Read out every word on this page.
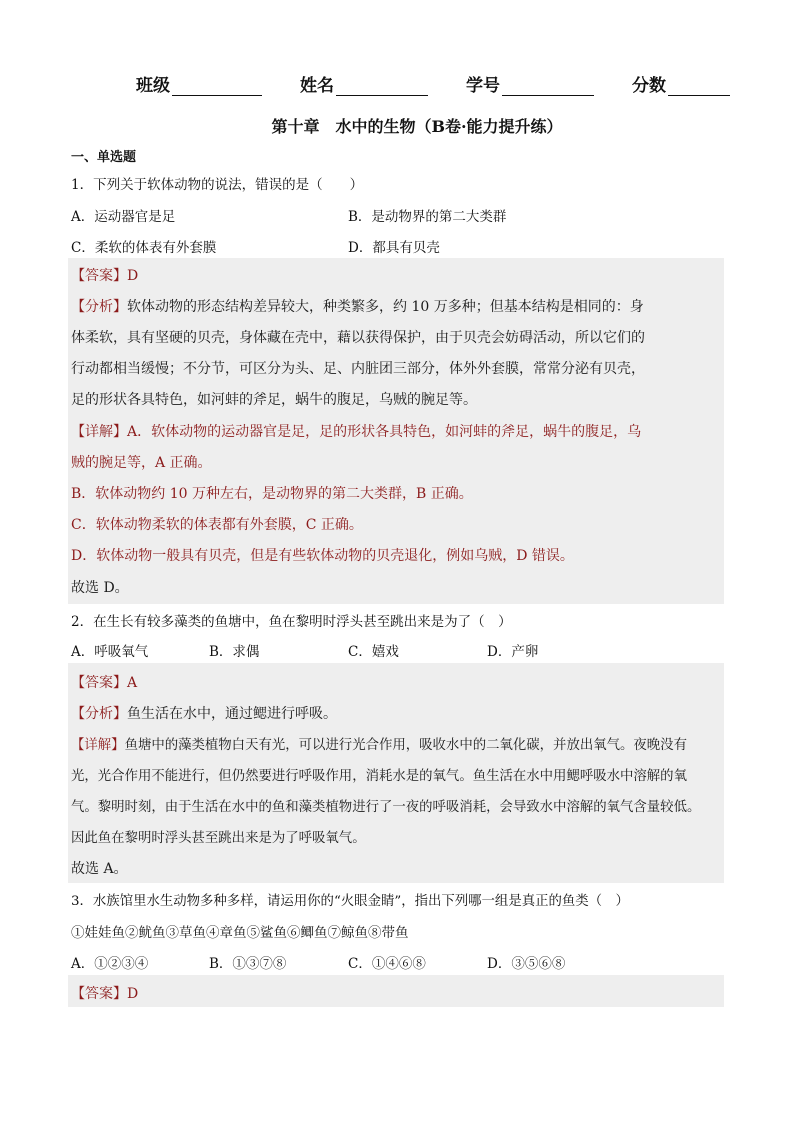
班级	姓名	学号	分数
第十章　水中的生物（B卷·能力提升练）
一、单选题
1．下列关于软体动物的说法，错误的是（　　）
A．运动器官是足	B．是动物界的第二大类群
C．柔软的体表有外套膜	D．都具有贝壳
【答案】D
【分析】软体动物的形态结构差异较大，种类繁多，约 10 万多种；但基本结构是相同的：身
体柔软，具有坚硬的贝壳，身体藏在壳中，藉以获得保护，由于贝壳会妨碍活动，所以它们的
行动都相当缓慢；不分节，可区分为头、足、内脏团三部分，体外外套膜，常常分泌有贝壳，
足的形状各具特色，如河蚌的斧足，蜗牛的腹足，乌贼的腕足等。
【详解】A．软体动物的运动器官是足，足的形状各具特色，如河蚌的斧足，蜗牛的腹足，乌
贼的腕足等，A 正确。
B．软体动物约 10 万种左右，是动物界的第二大类群，B 正确。
C．软体动物柔软的体表都有外套膜，C 正确。
D．软体动物一般具有贝壳，但是有些软体动物的贝壳退化，例如乌贼，D 错误。
故选 D。
2．在生长有较多藻类的鱼塘中，鱼在黎明时浮头甚至跳出来是为了（　）
A．呼吸氧气	B．求偶	C．嬉戏	D．产卵
【答案】A
【分析】鱼生活在水中，通过鳃进行呼吸。
【详解】鱼塘中的藻类植物白天有光，可以进行光合作用，吸收水中的二氧化碳，并放出氧气。夜晚没有
光，光合作用不能进行，但仍然要进行呼吸作用，消耗水是的氧气。鱼生活在水中用鳃呼吸水中溶解的氧
气。黎明时刻，由于生活在水中的鱼和藻类植物进行了一夜的呼吸消耗，会导致水中溶解的氧气含量较低。
因此鱼在黎明时浮头甚至跳出来是为了呼吸氧气。
故选 A。
3．水族馆里水生动物多种多样，请运用你的“火眼金睛”，指出下列哪一组是真正的鱼类（　）
①娃娃鱼②鱿鱼③草鱼④章鱼⑤鲨鱼⑥鲫鱼⑦鲸鱼⑧带鱼
A．①②③④	B．①③⑦⑧	C．①④⑥⑧	D．③⑤⑥⑧
【答案】D
